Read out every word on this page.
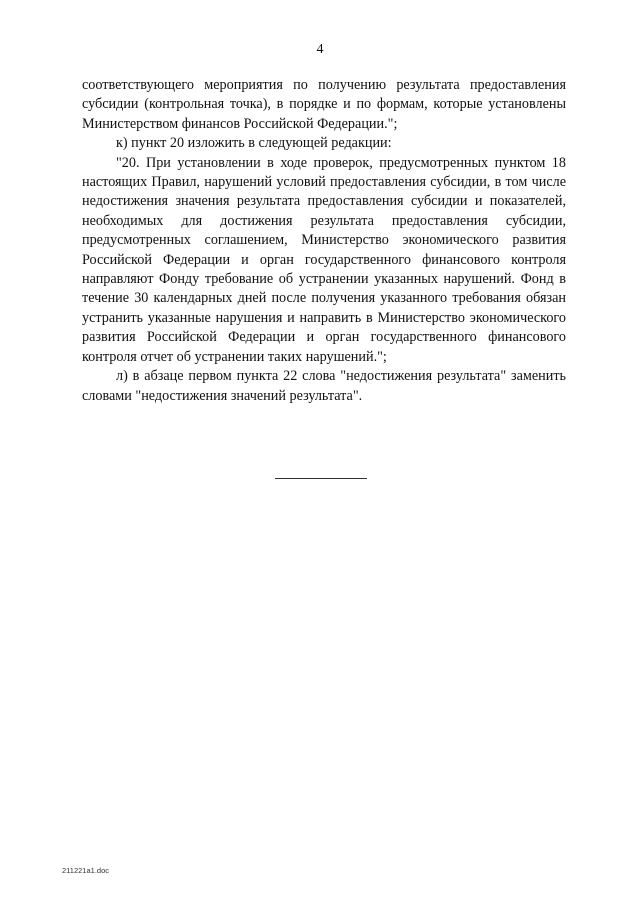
4

соответствующего мероприятия по получению результата предоставления субсидии (контрольная точка), в порядке и по формам, которые установлены Министерством финансов Российской Федерации.";

к) пункт 20 изложить в следующей редакции:

"20. При установлении в ходе проверок, предусмотренных пунктом 18 настоящих Правил, нарушений условий предоставления субсидии, в том числе недостижения значения результата предоставления субсидии и показателей, необходимых для достижения результата предоставления субсидии, предусмотренных соглашением, Министерство экономического развития Российской Федерации и орган государственного финансового контроля направляют Фонду требование об устранении указанных нарушений. Фонд в течение 30 календарных дней после получения указанного требования обязан устранить указанные нарушения и направить в Министерство экономического развития Российской Федерации и орган государственного финансового контроля отчет об устранении таких нарушений.";

л) в абзаце первом пункта 22 слова "недостижения результата" заменить словами "недостижения значений результата".

211221a1.doc
